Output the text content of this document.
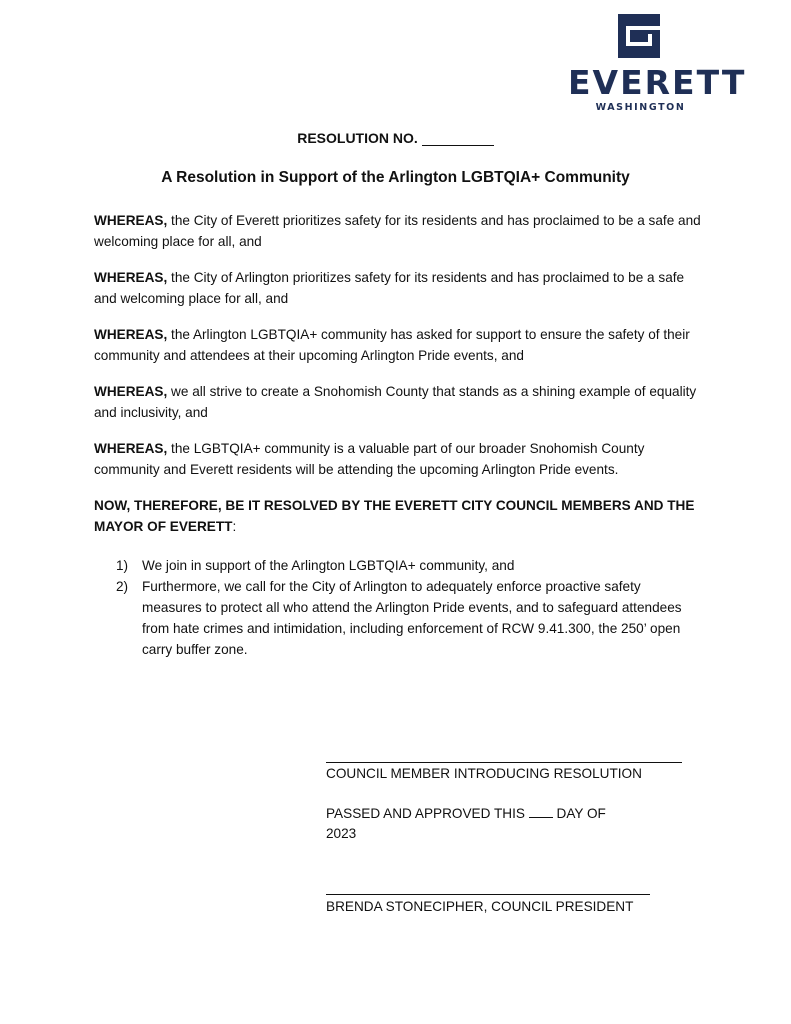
EVERETT
WASHINGTON
RESOLUTION NO.
A Resolution in Support of the Arlington LGBTQIA+ Community

WHEREAS, the City of Everett prioritizes safety for its residents and has proclaimed to be a safe and welcoming place for all, and

WHEREAS, the City of Arlington prioritizes safety for its residents and has proclaimed to be a safe and welcoming place for all, and

WHEREAS, the Arlington LGBTQIA+ community has asked for support to ensure the safety of their community and attendees at their upcoming Arlington Pride events, and

WHEREAS, we all strive to create a Snohomish County that stands as a shining example of equality and inclusivity, and

WHEREAS, the LGBTQIA+ community is a valuable part of our broader Snohomish County community and Everett residents will be attending the upcoming Arlington Pride events.

NOW, THEREFORE, BE IT RESOLVED BY THE EVERETT CITY COUNCIL MEMBERS AND THE MAYOR OF EVERETT:

1) We join in support of the Arlington LGBTQIA+ community, and
2) Furthermore, we call for the City of Arlington to adequately enforce proactive safety measures to protect all who attend the Arlington Pride events, and to safeguard attendees from hate crimes and intimidation, including enforcement of RCW 9.41.300, the 250’ open carry buffer zone.
COUNCIL MEMBER INTRODUCING RESOLUTION
PASSED AND APPROVED THIS DAY OF
2023
BRENDA STONECIPHER, COUNCIL PRESIDENT
